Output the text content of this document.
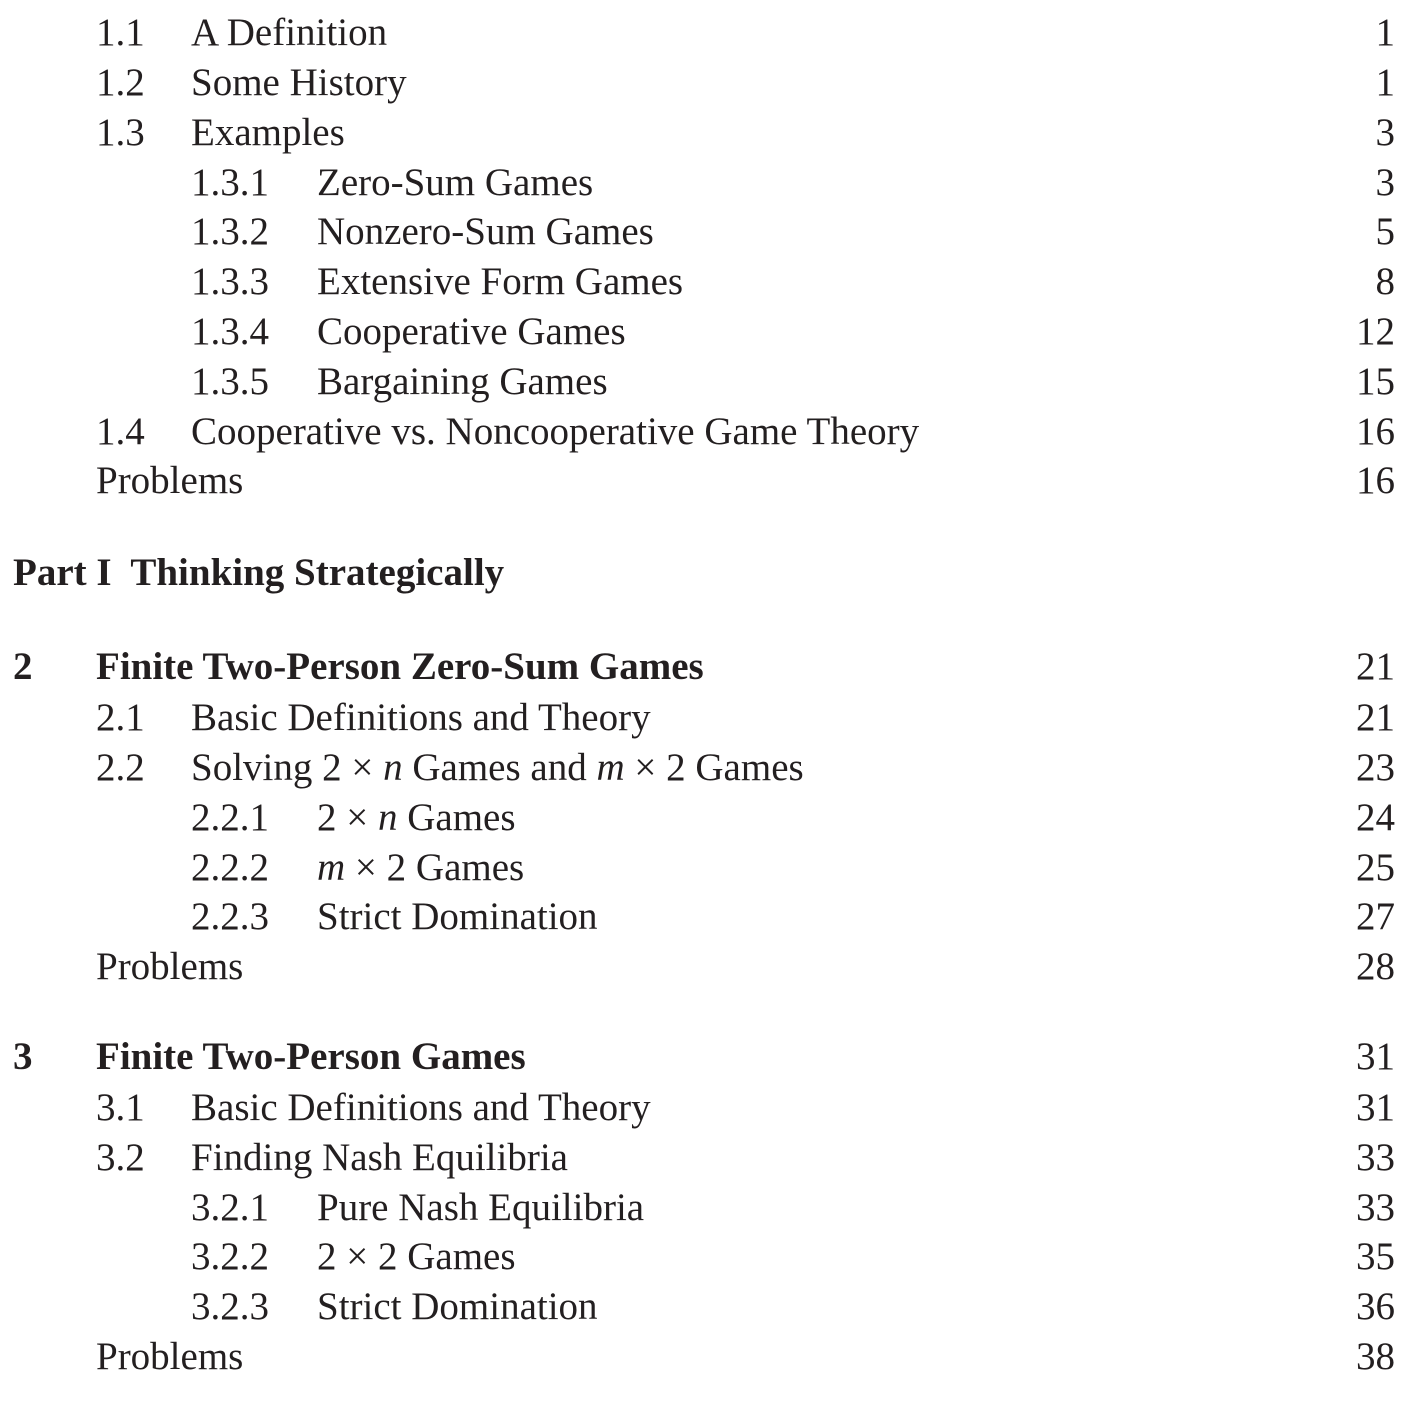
1.1	A Definition	1
1.2	Some History	1
1.3	Examples	3
1.3.1	Zero-Sum Games	3
1.3.2	Nonzero-Sum Games	5
1.3.3	Extensive Form Games	8
1.3.4	Cooperative Games	12
1.3.5	Bargaining Games	15
1.4	Cooperative vs. Noncooperative Game Theory	16
Problems	16
Part I Thinking Strategically
2	Finite Two-Person Zero-Sum Games	21
2.1	Basic Definitions and Theory	21
2.2	Solving 2 × n Games and m × 2 Games	23
2.2.1	2 × n Games	24
2.2.2	m × 2 Games	25
2.2.3	Strict Domination	27
Problems	28
3	Finite Two-Person Games	31
3.1	Basic Definitions and Theory	31
3.2	Finding Nash Equilibria	33
3.2.1	Pure Nash Equilibria	33
3.2.2	2 × 2 Games	35
3.2.3	Strict Domination	36
Problems	38
